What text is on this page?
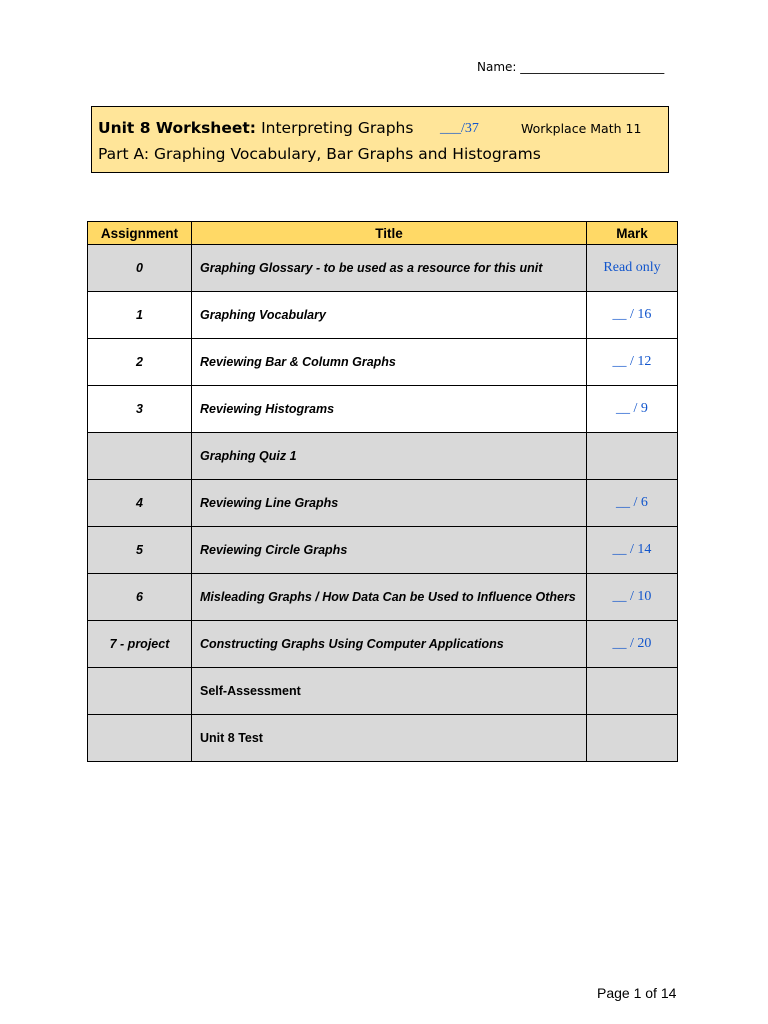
Name: ________________________
Unit 8 Worksheet: Interpreting Graphs ___/37	Workplace Math 11
Part A: Graphing Vocabulary, Bar Graphs and Histograms
Assignment	Title	Mark
0	Graphing Glossary - to be used as a resource for this unit	Read only
1	Graphing Vocabulary	__ / 16
2	Reviewing Bar & Column Graphs	__ / 12
3	Reviewing Histograms	__ / 9
	Graphing Quiz 1	
4	Reviewing Line Graphs	__ / 6
5	Reviewing Circle Graphs	__ / 14
6	Misleading Graphs / How Data Can be Used to Influence Others	__ / 10
7 - project	Constructing Graphs Using Computer Applications	__ / 20
	Self-Assessment	
	Unit 8 Test	
Page 1 of 14
